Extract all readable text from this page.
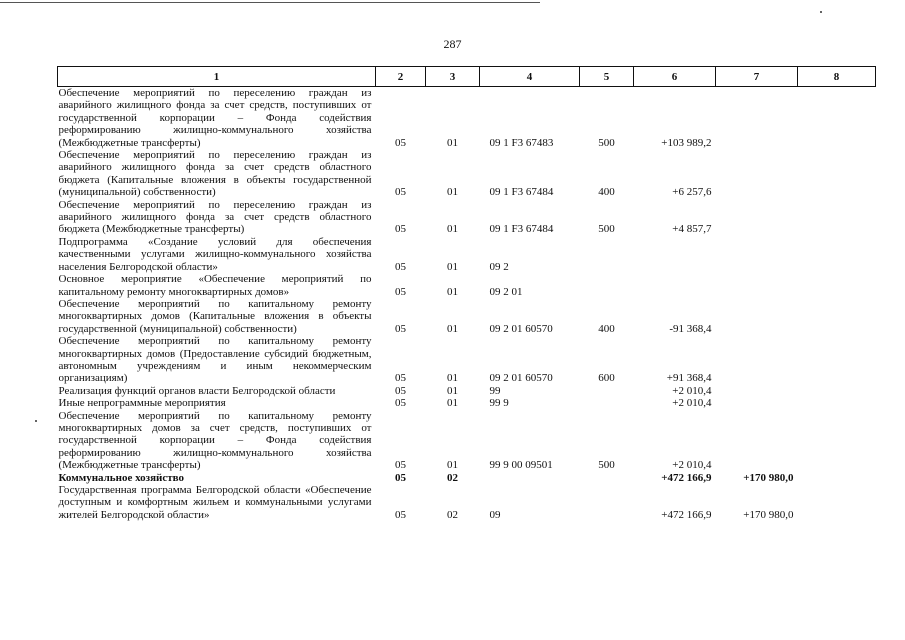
287
1	2	3	4	5	6	7	8
Обеспечение мероприятий по переселению граждан из аварийного жилищного фонда за счет средств, поступивших от государственной корпорации – Фонда содействия реформированию жилищно-коммунального хозяйства (Межбюджетные трансферты)	05	01	09 1 F3 67483	500	+103 989,2		
Обеспечение мероприятий по переселению граждан из аварийного жилищного фонда за счет средств областного бюджета (Капитальные вложения в объекты государственной (муниципальной) собственности)	05	01	09 1 F3 67484	400	+6 257,6		
Обеспечение мероприятий по переселению граждан из аварийного жилищного фонда за счет средств областного бюджета (Межбюджетные трансферты)	05	01	09 1 F3 67484	500	+4 857,7		
Подпрограмма «Создание условий для обеспечения качественными услугами жилищно-коммунального хозяйства населения Белгородской области»	05	01	09 2				
Основное мероприятие «Обеспечение мероприятий по капитальному ремонту многоквартирных домов»	05	01	09 2 01				
Обеспечение мероприятий по капитальному ремонту многоквартирных домов (Капитальные вложения в объекты государственной (муниципальной) собственности)	05	01	09 2 01 60570	400	-91 368,4		
Обеспечение мероприятий по капитальному ремонту многоквартирных домов (Предоставление субсидий бюджетным, автономным учреждениям и иным некоммерческим организациям)	05	01	09 2 01 60570	600	+91 368,4		
Реализация функций органов власти Белгородской области	05	01	99		+2 010,4		
Иные непрограммные мероприятия	05	01	99 9		+2 010,4		
Обеспечение мероприятий по капитальному ремонту многоквартирных домов за счет средств, поступивших от государственной корпорации – Фонда содействия реформированию жилищно-коммунального хозяйства (Межбюджетные трансферты)	05	01	99 9 00 09501	500	+2 010,4		
Коммунальное хозяйство	05	02			+472 166,9	+170 980,0	
Государственная программа Белгородской области «Обеспечение доступным и комфортным жильем и коммунальными услугами жителей Белгородской области»	05	02	09		+472 166,9	+170 980,0	
